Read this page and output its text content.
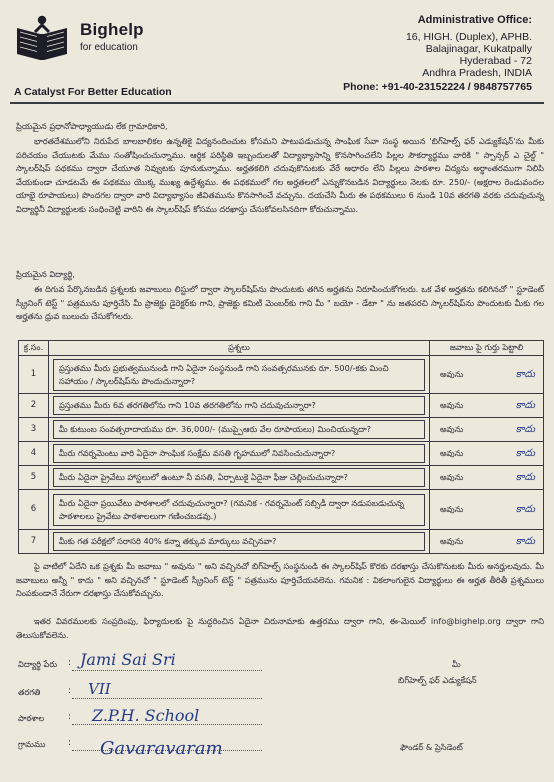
Bighelp
for education
A Catalyst For Better Education
Administrative Office:
16, HIGH. (Duplex), APHB.
Balajinagar, Kukatpally
Hyderabad - 72
Andhra Pradesh, INDIA
Phone: +91-40-23152224 / 9848757765
ప్రియమైన ప్రధానోపాధ్యాయుడు లేక గ్రామాధికారి,
భారతదేశములోని నిరుపేద బాలబాలికల ఉన్నతికై విద్యనందించుట కోసమని పాటుపడుచున్న సాంఘిక సేవా సంస్థ అయిన 'బిగ్‌హెల్ప్ ఫర్ ఎడ్యుకేషన్'ను మీకు పరిచయం చేయుటకు మేము సంతోషించుచున్నాము. ఆర్థిక పరిస్థితి ఇబ్బందులతో విద్యాభ్యాసాన్ని కొనసాగించలేని పిల్లల సౌకర్యార్థము వారికి " స్పాన్సర్ ఎ చైల్డ్ " స్కాలర్‌షిప్ పథకము ద్వారా చేయూత నివ్వుటకు పూనుకున్నాము. అర్హతకలిగి చదువుకొనుటకు వేరే ఆధారం లేని పిల్లలు పాఠశాల విద్యను అర్థాంతరముగా నిలిపి వేయకుండా చూడటమే ఈ పథకము యొక్క ముఖ్య ఉద్దేశ్యము. ఈ పథకములో గల అర్హతలలో ఎన్నుకొనబడిన విద్యార్థులు నెలకు రూ. 250/- (అక్షరాల రెండువందల యాభై రూపాయలు) పొందగల ద్వారా వారి విద్యాభ్యాసం జీవితమును కొనసాగించే వచ్చును. దయచేసి మీరు ఈ పథకములు 6 నుండి 10వ తరగతి వరకు చదువుచున్న విద్యార్థినీ విద్యార్థులకు సంధించెట్టి వారిని ఈ స్కాలర్‌షిప్ కోసము దరఖాస్తు చేసుకోవలసినదిగా కోరుచున్నాము.
ప్రియమైన విద్యార్థి,
ఈ దిగువ పేర్కొనబడిన ప్రశ్నలకు జవాబులు లిస్టులో ద్వారా స్కాలర్‌షిప్‌ను పొందుటకు తగిన అర్హతను నిరూపించుకోగలరు. ఒక వేళ అర్హతను కలిగినచో " స్టూడెంట్ స్క్రీనింగ్ టెస్ట్ " పత్రమును పూర్తిచేసి మీ ప్రాజెక్టు డైరెక్టర్‌కు గాని, ప్రాజెక్టు కమిటీ మెంబర్‌కు గాని మీ " బయో - డేటా " ను జతపరచి స్కాలర్‌షిప్‌ను పొందుటకు మీకు గల అర్హతను ధ్రువ బులుచు చేసుకోగలరు.
క్ర.సం.	ప్రశ్నలు	జవాబు పై గుర్తు పెట్టాలి
1	ప్రస్తుతము మీరు ప్రభుత్వమునుండి గాని ఏదైనా సంస్థనుండి గాని సంవత్సరమునకు రూ. 500/-కకు మించి సహాయం / స్కాలర్‌షిప్‌ను పొందుచున్నారా?	అవును కాదు

2	ప్రస్తుతము మీరు 6వ తరగతిలోను గాని 10వ తరగతిలోను గాని చదువుచున్నారా?	అవును కాదు

3	మీ కుటుంబ సంవత్సరాదాయము రూ. 36,000/- (ముప్పైఆరు వేల రూపాయలు) మించియున్నదా?	అవును కాదు

4	మీరు గవర్నమెంటు వారి ఏదైనా సాంఘిక సంక్షేమ వసతి గృహములో నివసించుచున్నారా?	అవును కాదు

5	మీరు ఏదైనా ప్రైవేటు హాస్టలులో ఉంటూ నీ వసతి, ఏర్పాటుకై ఏదైనా ఫీజు చెల్లించుచున్నారా?	అవును కాదు

6	మీరు ఏదైనా ప్రయివేటు పాఠశాలలో చదువుచున్నారా? (గమనిక - గవర్నమెంట్ సబ్సిడీ ద్వారా నడుపబడుచున్న పాఠశాలలు ప్రైవేటు పాఠశాలలుగా గణించబడవు.)	అవును కాదు

7	మీకు గత పరీక్షలో సరాసరి 40% కన్నా తక్కువ మార్కులు వచ్చినవా?	అవును కాదు
పై వాటిలో ఏదేని ఒక ప్రశ్నకు మీ జవాబు " అవును " అని వచ్చినచో బిగ్‌హెల్ప్ సంస్థనుండి ఈ స్కాలర్‌షిప్ కొరకు దరఖాస్తు చేసుకొనుటకు మీరు అనర్హులవుదు. మీ జవాబులు అన్నీ " కాదు " అని వచ్చినచో " స్టూడెంట్ స్క్రీనింగ్ టెస్ట్ " పత్రమును పూర్తిచేయవలెను. గమనిక : వికలాంగులైన విద్యార్థులు ఈ అర్హత తీరితీ ప్రశ్నములు నింపకుండానే నేరుగా దరఖాస్తు చేసుకోవచ్చును.
ఇతర వివరములకు సంప్రదింపు, ఫిర్యాదులకు పై నుద్దరించిన ఏదైనా చిరునామాకు ఉత్తరము ద్వారా గాని, ఈ-మెయిల్ info@bighelp.org ద్వారా గాని తెలుసుకోవలెను.
విద్యార్థి పేరు : Jami Sai Sri
తరగతి	: VII
పాఠశాల	: Z.P.H. School
గ్రామము	: Gavaravaram
మీ
బిగ్‌హెల్ప్ ఫర్ ఎడ్యుకేషన్
ఫౌండర్ & ప్రెసిడెంట్
